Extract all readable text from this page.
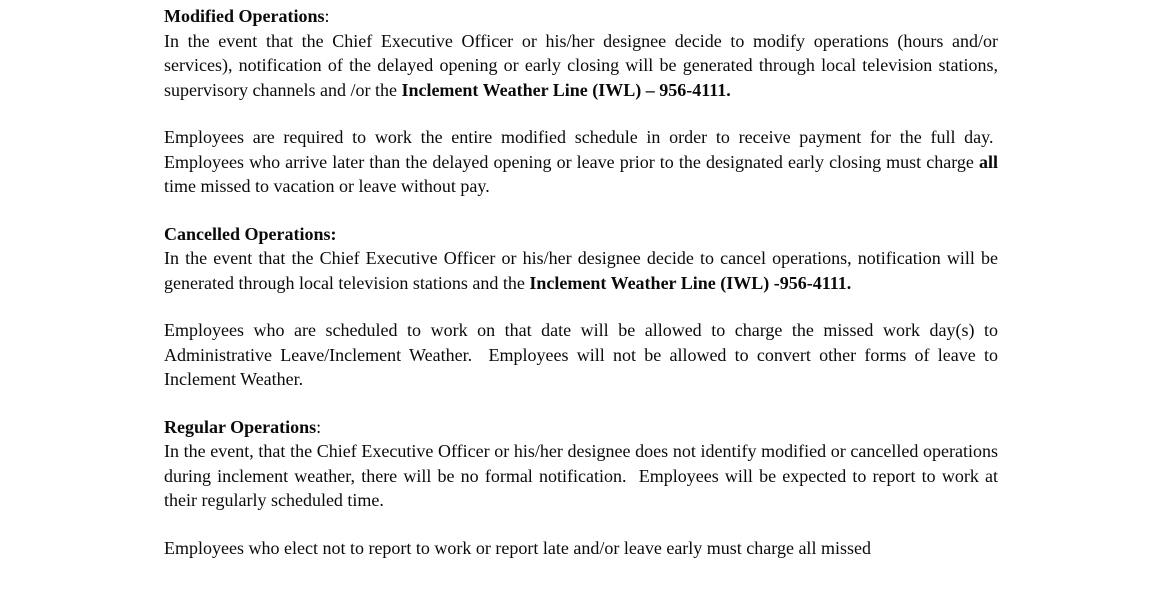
Modified Operations:

In the event that the Chief Executive Officer or his/her designee decide to modify operations (hours and/or services), notification of the delayed opening or early closing will be generated through local television stations, supervisory channels and /or the Inclement Weather Line (IWL) – 956-4111.

Employees are required to work the entire modified schedule in order to receive payment for the full day.  Employees who arrive later than the delayed opening or leave prior to the designated early closing must charge all time missed to vacation or leave without pay.

Cancelled Operations:

In the event that the Chief Executive Officer or his/her designee decide to cancel operations, notification will be generated through local television stations and the Inclement Weather Line (IWL) -956-4111.

Employees who are scheduled to work on that date will be allowed to charge the missed work day(s) to Administrative Leave/Inclement Weather.  Employees will not be allowed to convert other forms of leave to Inclement Weather.

Regular Operations:

In the event, that the Chief Executive Officer or his/her designee does not identify modified or cancelled operations during inclement weather, there will be no formal notification.  Employees will be expected to report to work at their regularly scheduled time.

Employees who elect not to report to work or report late and/or leave early must charge all missed
